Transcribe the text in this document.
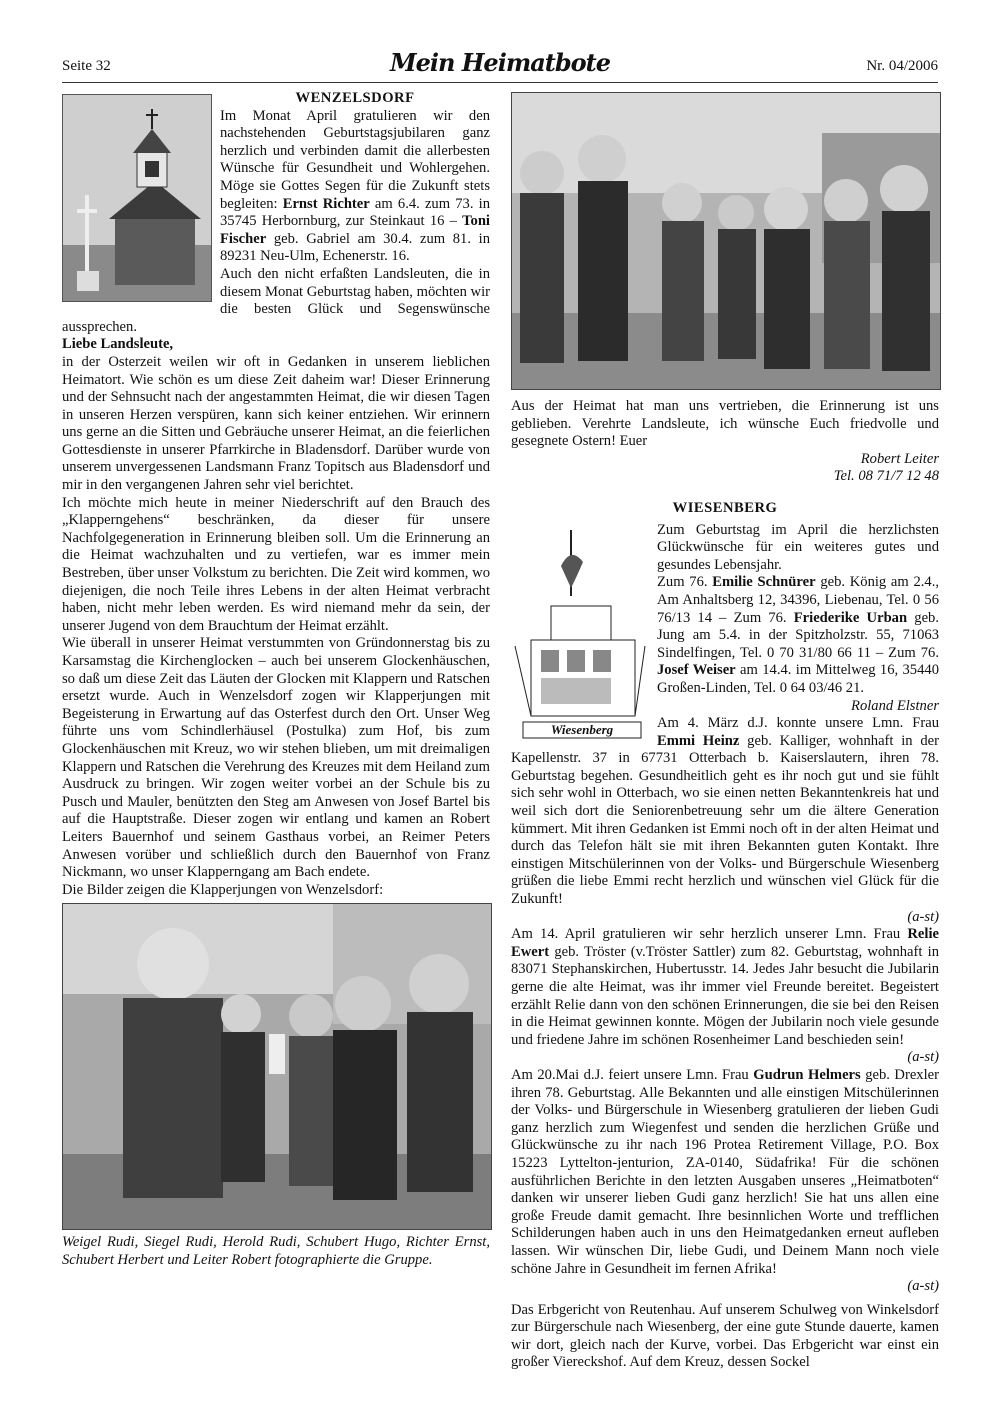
Seite 32	Mein Heimatbote	Nr. 04/2006
WENZELSDORF

Im Monat April gratulieren wir den nachstehenden Geburtstagsjubilaren ganz herzlich und verbinden damit die allerbesten Wünsche für Gesundheit und Wohlergehen. Möge sie Gottes Segen für die Zukunft stets begleiten: Ernst Richter am 6.4. zum 73. in 35745 Herbornburg, zur Steinkaut 16 – Toni Fischer geb. Gabriel am 30.4. zum 81. in 89231 Neu-Ulm, Echenerstr. 16.

Auch den nicht erfaßten Landsleuten, die in diesem Monat Geburtstag haben, möchten wir die besten Glück und Segenswünsche aussprechen.

Liebe Landsleute,

in der Osterzeit weilen wir oft in Gedanken in unserem lieblichen Heimatort. Wie schön es um diese Zeit daheim war! Dieser Erinnerung und der Sehnsucht nach der angestammten Heimat, die wir diesen Tagen in unseren Herzen verspüren, kann sich keiner entziehen. Wir erinnern uns gerne an die Sitten und Gebräuche unserer Heimat, an die feierlichen Gottesdienste in unserer Pfarrkirche in Bladensdorf. Darüber wurde von unserem unvergessenen Landsmann Franz Topitsch aus Bladensdorf und mir in den vergangenen Jahren sehr viel berichtet.

Ich möchte mich heute in meiner Niederschrift auf den Brauch des „Klapperngehens“ beschränken, da dieser für unsere Nachfolgegeneration in Erinnerung bleiben soll. Um die Erinnerung an die Heimat wachzuhalten und zu vertiefen, war es immer mein Bestreben, über unser Volkstum zu berichten. Die Zeit wird kommen, wo diejenigen, die noch Teile ihres Lebens in der alten Heimat verbracht haben, nicht mehr leben werden. Es wird niemand mehr da sein, der unserer Jugend von dem Brauchtum der Heimat erzählt.

Wie überall in unserer Heimat verstummten von Gründonnerstag bis zu Karsamstag die Kirchenglocken – auch bei unserem Glockenhäuschen, so daß um diese Zeit das Läuten der Glocken mit Klappern und Ratschen ersetzt wurde. Auch in Wenzelsdorf zogen wir Klapperjungen mit Begeisterung in Erwartung auf das Osterfest durch den Ort. Unser Weg führte uns vom Schindlerhäusel (Postulka) zum Hof, bis zum Glockenhäuschen mit Kreuz, wo wir stehen blieben, um mit dreimaligen Klappern und Ratschen die Verehrung des Kreuzes mit dem Heiland zum Ausdruck zu bringen. Wir zogen weiter vorbei an der Schule bis zu Pusch und Mauler, benützten den Steg am Anwesen von Josef Bartel bis auf die Hauptstraße. Dieser zogen wir entlang und kamen an Robert Leiters Bauernhof und seinem Gasthaus vorbei, an Reimer Peters Anwesen vorüber und schließlich durch den Bauernhof von Franz Nickmann, wo unser Klapperngang am Bach endete.

Die Bilder zeigen die Klapperjungen von Wenzelsdorf:

Weigel Rudi, Siegel Rudi, Herold Rudi, Schubert Hugo, Richter Ernst, Schubert Herbert und Leiter Robert fotographierte die Gruppe.

Aus der Heimat hat man uns vertrieben, die Erinnerung ist uns geblieben. Verehrte Landsleute, ich wünsche Euch friedvolle und gesegnete Ostern! Euer

Robert Leiter

Tel. 08 71/7 12 48

WIESENBERG
Wiesenberg

Zum Geburtstag im April die herzlichsten Glückwünsche für ein weiteres gutes und gesundes Lebensjahr.

Zum 76. Emilie Schnürer geb. König am 2.4., Am Anhaltsberg 12, 34396, Liebenau, Tel. 0 56 76/13 14 – Zum 76. Friederike Urban geb. Jung am 5.4. in der Spitzholzstr. 55, 71063 Sindelfingen, Tel. 0 70 31/80 66 11 – Zum 76. Josef Weiser am 14.4. im Mittelweg 16, 35440 Großen-Linden, Tel. 0 64 03/46 21.

Roland Elstner

Am 4. März d.J. konnte unsere Lmn. Frau Emmi Heinz geb. Kalliger, wohnhaft in der Kapellenstr. 37 in 67731 Otterbach b. Kaiserslautern, ihren 78. Geburtstag begehen. Gesundheitlich geht es ihr noch gut und sie fühlt sich sehr wohl in Otterbach, wo sie einen netten Bekanntenkreis hat und weil sich dort die Seniorenbetreuung sehr um die ältere Generation kümmert. Mit ihren Gedanken ist Emmi noch oft in der alten Heimat und durch das Telefon hält sie mit ihren Bekannten guten Kontakt. Ihre einstigen Mitschülerinnen von der Volks- und Bürgerschule Wiesenberg grüßen die liebe Emmi recht herzlich und wünschen viel Glück für die Zukunft!

(a-st)

Am 14. April gratulieren wir sehr herzlich unserer Lmn. Frau Relie Ewert geb. Tröster (v.Tröster Sattler) zum 82. Geburtstag, wohnhaft in 83071 Stephanskirchen, Hubertusstr. 14. Jedes Jahr besucht die Jubilarin gerne die alte Heimat, was ihr immer viel Freunde bereitet. Begeistert erzählt Relie dann von den schönen Erinnerungen, die sie bei den Reisen in die Heimat gewinnen konnte. Mögen der Jubilarin noch viele gesunde und friedene Jahre im schönen Rosenheimer Land beschieden sein!

(a-st)

Am 20.Mai d.J. feiert unsere Lmn. Frau Gudrun Helmers geb. Drexler ihren 78. Geburtstag. Alle Bekannten und alle einstigen Mitschülerinnen der Volks- und Bürgerschule in Wiesenberg gratulieren der lieben Gudi ganz herzlich zum Wiegenfest und senden die herzlichen Grüße und Glückwünsche zu ihr nach 196 Protea Retirement Village, P.O. Box 15223 Lyttelton-jenturion, ZA-0140, Südafrika! Für die schönen ausführlichen Berichte in den letzten Ausgaben unseres „Heimatboten“ danken wir unserer lieben Gudi ganz herzlich! Sie hat uns allen eine große Freude damit gemacht. Ihre besinnlichen Worte und trefflichen Schilderungen haben auch in uns den Heimatgedanken erneut aufleben lassen. Wir wünschen Dir, liebe Gudi, und Deinem Mann noch viele schöne Jahre in Gesundheit im fernen Afrika!

(a-st)

Das Erbgericht von Reutenhau. Auf unserem Schulweg von Winkelsdorf zur Bürgerschule nach Wiesenberg, der eine gute Stunde dauerte, kamen wir dort, gleich nach der Kurve, vorbei. Das Erbgericht war einst ein großer Viereckshof. Auf dem Kreuz, dessen Sockel
